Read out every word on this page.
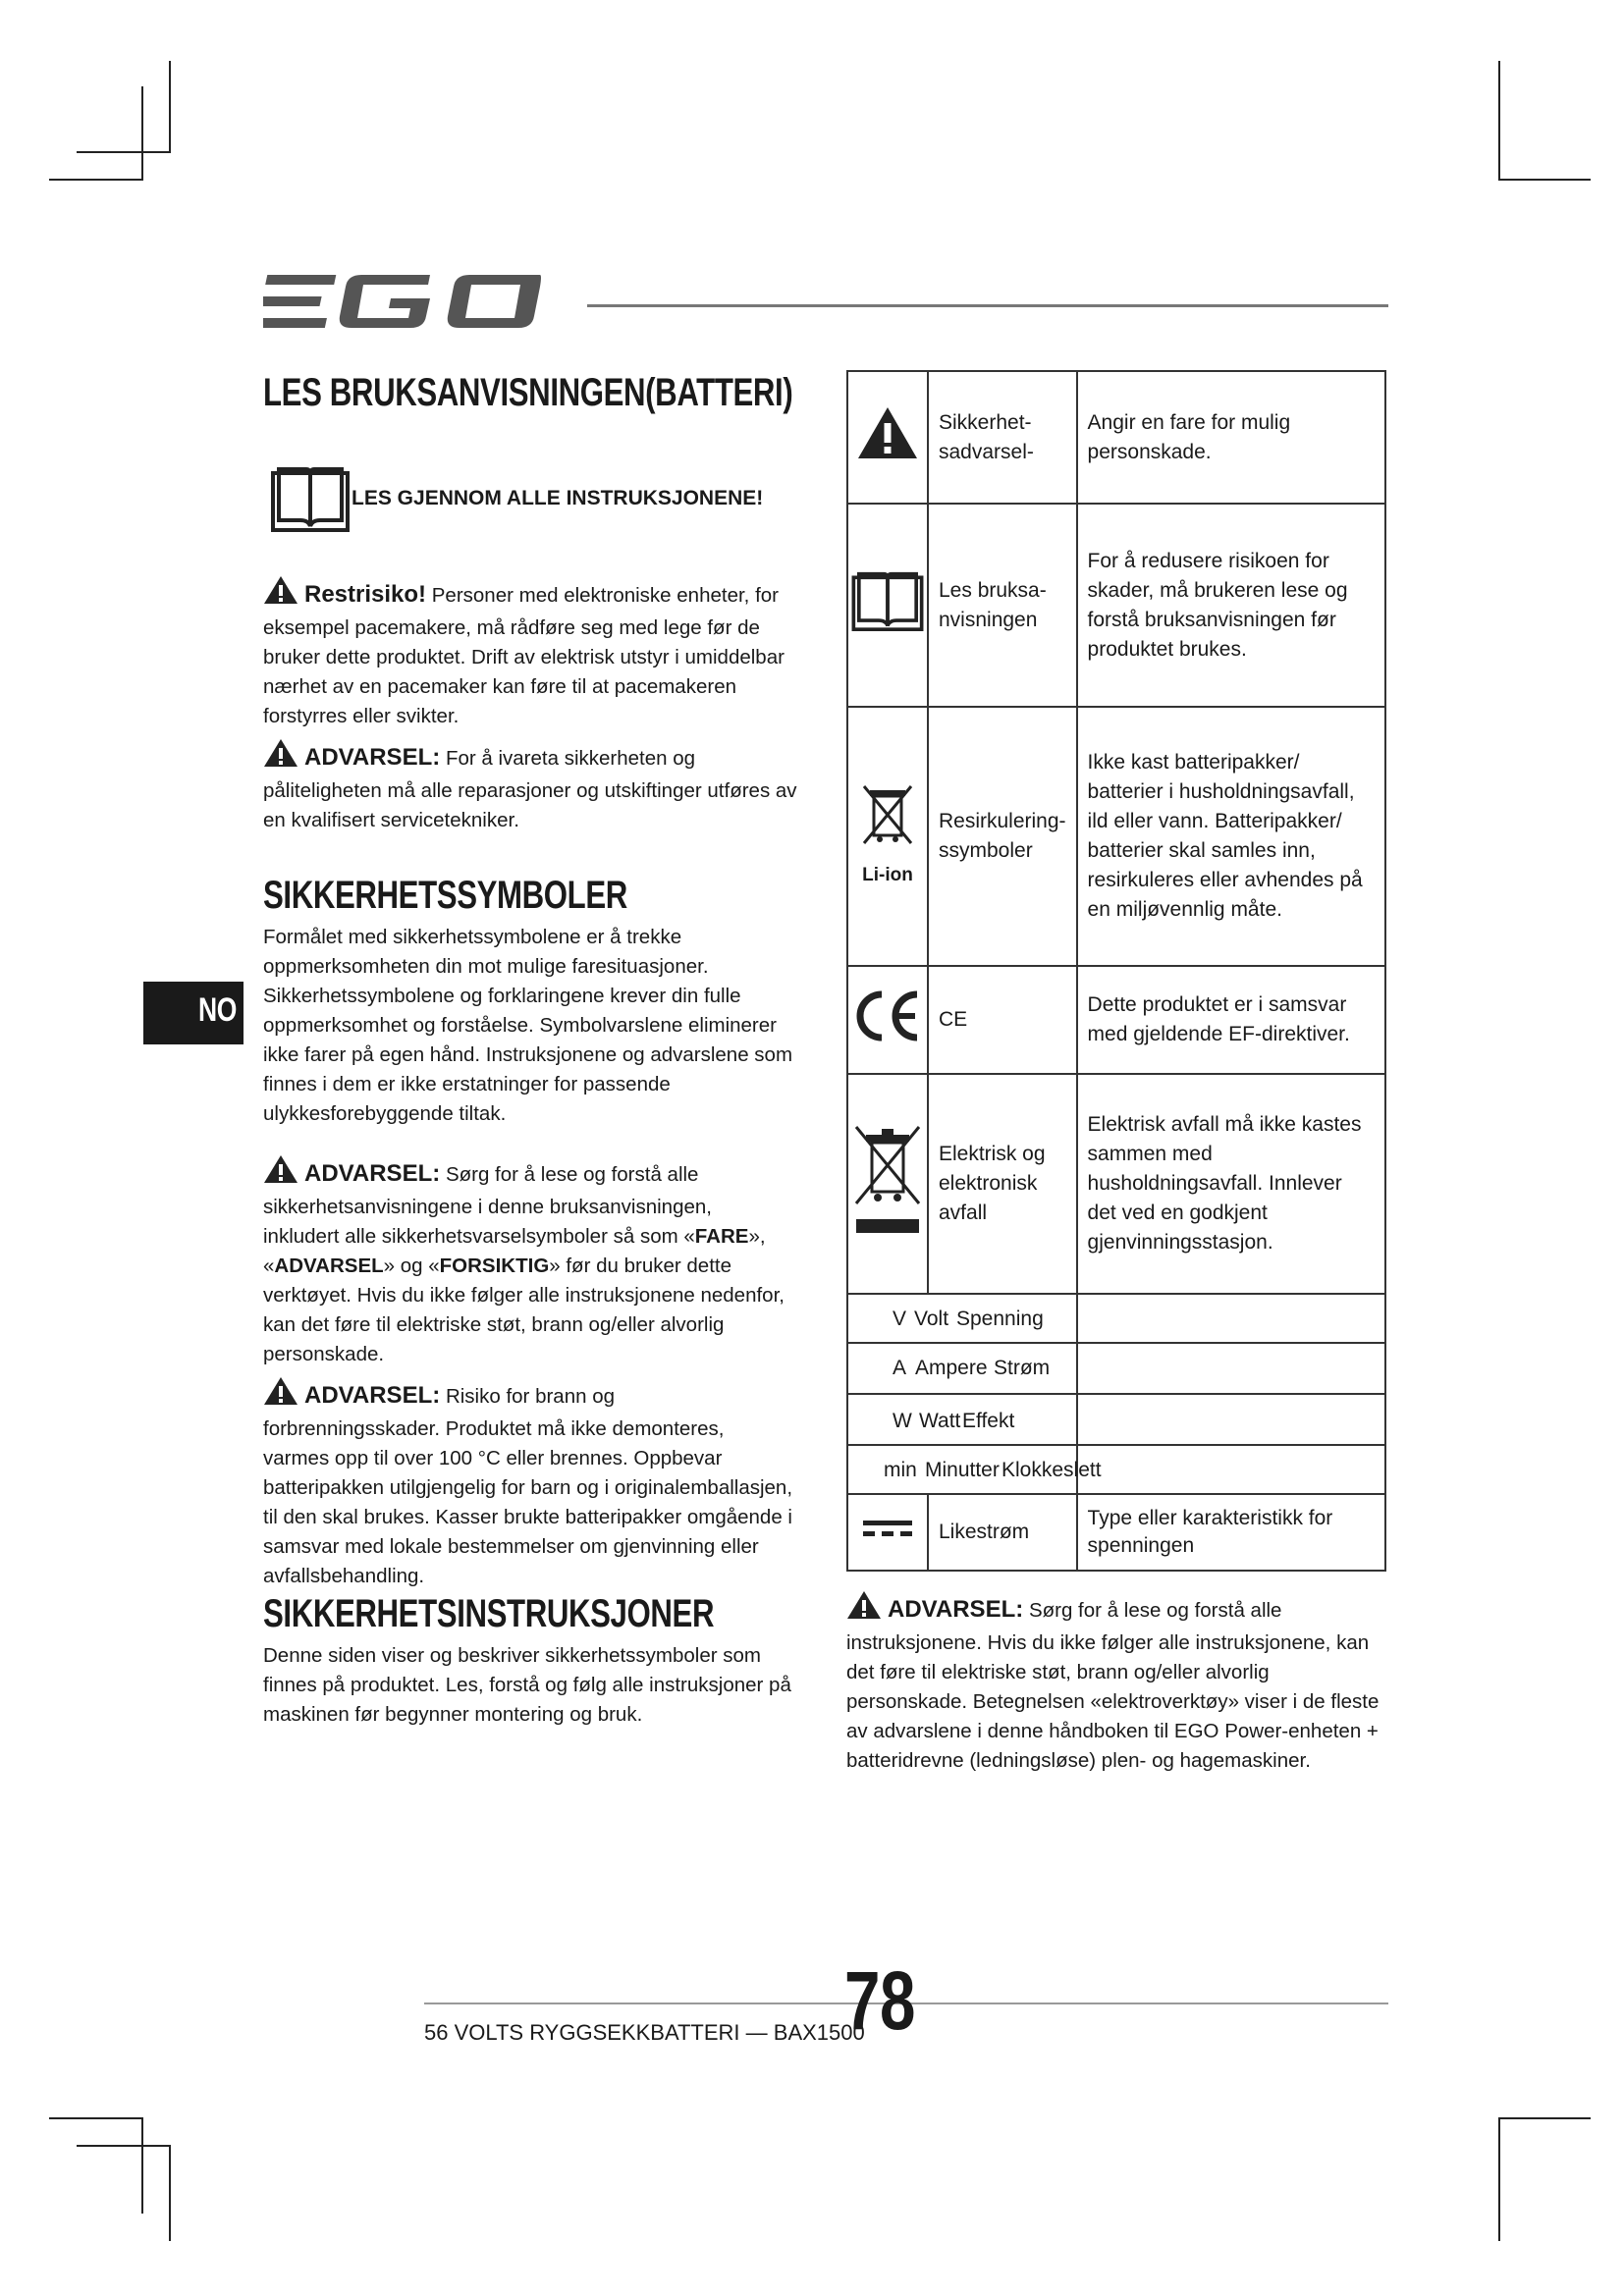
NO
LES BRUKSANVISNINGEN(BATTERI)
LES GJENNOM ALLE INSTRUKSJONENE!
Restrisiko! Personer med elektroniske enheter, for eksempel pacemakere, må rådføre seg med lege før de bruker dette produktet. Drift av elektrisk utstyr i umiddelbar nærhet av en pacemaker kan føre til at pacemakeren forstyrres eller svikter.
ADVARSEL: For å ivareta sikkerheten og påliteligheten må alle reparasjoner og utskiftinger utføres av en kvalifisert servicetekniker.
SIKKERHETSSYMBOLER
Formålet med sikkerhetssymbolene er å trekke oppmerksomheten din mot mulige faresituasjoner. Sikkerhetssymbolene og forklaringene krever din fulle oppmerksomhet og forståelse. Symbolvarslene eliminerer ikke farer på egen hånd. Instruksjonene og advarslene som finnes i dem er ikke erstatninger for passende ulykkesforebyggende tiltak.
ADVARSEL: Sørg for å lese og forstå alle sikkerhetsanvisningene i denne bruksanvisningen, inkludert alle sikkerhetsvarselsymboler så som «FARE», «ADVARSEL» og «FORSIKTIG» før du bruker dette verktøyet. Hvis du ikke følger alle instruksjonene nedenfor, kan det føre til elektriske støt, brann og/eller alvorlig personskade.
ADVARSEL: Risiko for brann og forbrenningsskader. Produktet må ikke demonteres, varmes opp til over 100 °C eller brennes. Oppbevar batteripakken utilgjengelig for barn og i originalemballasjen, til den skal brukes. Kasser brukte batteripakker omgående i samsvar med lokale bestemmelser om gjenvinning eller avfallsbehandling.
SIKKERHETSINSTRUKSJONER
Denne siden viser og beskriver sikkerhetssymboler som finnes på produktet. Les, forstå og følg alle instruksjoner på maskinen før begynner montering og bruk.
	Sikkerhet-sadvarsel-	Angir en fare for mulig personskade.
	Les bruksa-nvisningen	For å redusere risikoen for skader, må brukeren lese og forstå bruksanvisningen før produktet brukes.

Li-ion	Resirkulering-ssymboler	Ikke kast batteripakker/ batterier i husholdningsavfall, ild eller vann. Batteripakker/ batterier skal samles inn, resirkuleres eller avhendes på en miljøvennlig måte.
	CE	Dette produktet er i samsvar med gjeldende EF-direktiver.
	Elektrisk og elektronisk avfall	Elektrisk avfall må ikke kastes sammen med husholdningsavfall. Innlever det ved en godkjent gjenvinningsstasjon.

V Volt Spenning		

A Ampere Strøm		

W Watt Effekt		

min Minutter Klokkeslett		

	Likestrøm	Type eller karakteristikk for spenningen
ADVARSEL: Sørg for å lese og forstå alle instruksjonene. Hvis du ikke følger alle instruksjonene, kan det føre til elektriske støt, brann og/eller alvorlig personskade. Betegnelsen «elektroverktøy» viser i de fleste av advarslene i denne håndboken til EGO Power-enheten + batteridrevne (ledningsløse) plen- og hagemaskiner.
56 VOLTS RYGGSEKKBATTERI — BAX1500
78
